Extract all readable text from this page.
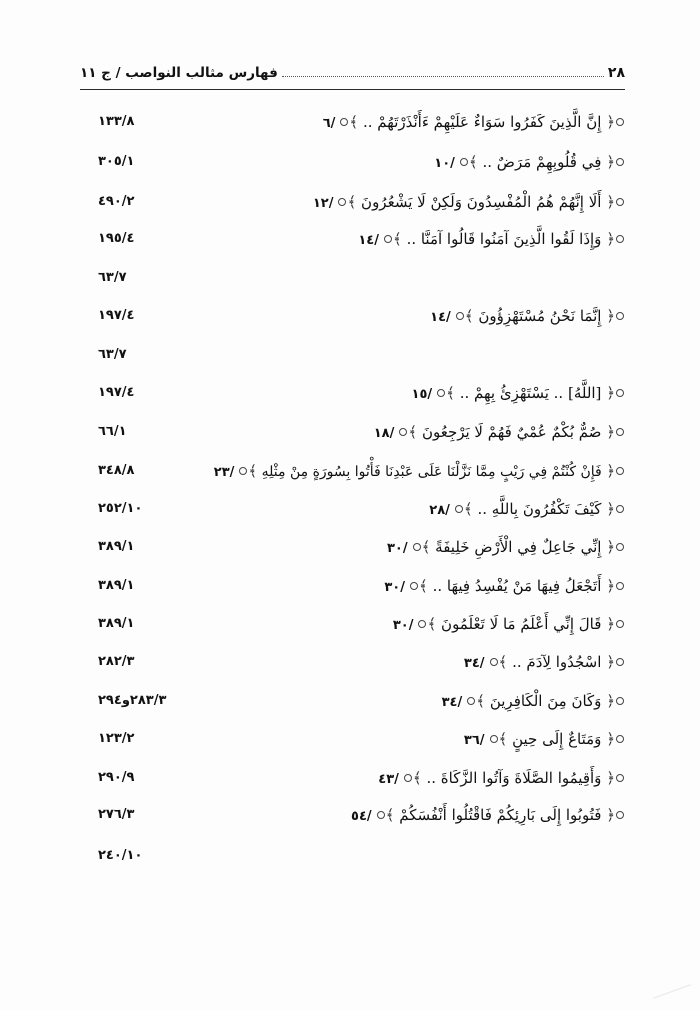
٢٨
فهارس مثالب النواصب / ج ١١
﴿ إِنَّ الَّذِينَ كَفَرُوا سَوَاءٌ عَلَيْهِمْ ءَأَنْذَرْتَهُمْ .. ﴾/٦
١٣٣/٨
﴿ فِي قُلُوبِهِمْ مَرَضٌ .. ﴾/١٠
٣٠٥/١
﴿ أَلَا إِنَّهُمْ هُمُ الْمُفْسِدُونَ وَلَكِنْ لَا يَشْعُرُونَ ﴾/١٢
٤٩٠/٢
﴿ وَإِذَا لَقُوا الَّذِينَ آمَنُوا قَالُوا آمَنَّا .. ﴾/١٤
١٩٥/٤
٦٣/٧
﴿ إِنَّمَا نَحْنُ مُسْتَهْزِؤُونَ ﴾/١٤
١٩٧/٤
٦٣/٧
﴿ [اللَّهُ] .. يَسْتَهْزِئُ بِهِمْ .. ﴾/١٥
١٩٧/٤
﴿ صُمٌّ بُكْمٌ عُمْيٌ فَهُمْ لَا يَرْجِعُونَ ﴾/١٨
٦٦/١
﴿ فَإِنْ كُنْتُمْ فِي رَيْبٍ مِمَّا نَزَّلْنَا عَلَى عَبْدِنَا فَأْتُوا بِسُورَةٍ مِنْ مِثْلِهِ ﴾/٢٣
٣٤٨/٨
﴿ كَيْفَ تَكْفُرُونَ بِاللَّهِ .. ﴾/٢٨
٢٥٢/١٠
﴿ إِنِّي جَاعِلٌ فِي الْأَرْضِ خَلِيفَةً ﴾/٣٠
٣٨٩/١
﴿ أَتَجْعَلُ فِيهَا مَنْ يُفْسِدُ فِيهَا .. ﴾/٣٠
٣٨٩/١
﴿ قَالَ إِنِّي أَعْلَمُ مَا لَا تَعْلَمُونَ ﴾/٣٠
٣٨٩/١
﴿ اسْجُدُوا لِآدَمَ .. ﴾/٣٤
٢٨٢/٣
﴿ وَكَانَ مِنَ الْكَافِرِينَ ﴾/٣٤
٢٨٣/٣و٢٩٤
﴿ وَمَتَاعٌ إِلَى حِينٍ ﴾/٣٦
١٢٣/٢
﴿ وَأَقِيمُوا الصَّلَاةَ وَآتُوا الزَّكَاةَ .. ﴾/٤٣
٢٩٠/٩
﴿ فَتُوبُوا إِلَى بَارِئِكُمْ فَاقْتُلُوا أَنْفُسَكُمْ ﴾/٥٤
٢٧٦/٣
٢٤٠/١٠
